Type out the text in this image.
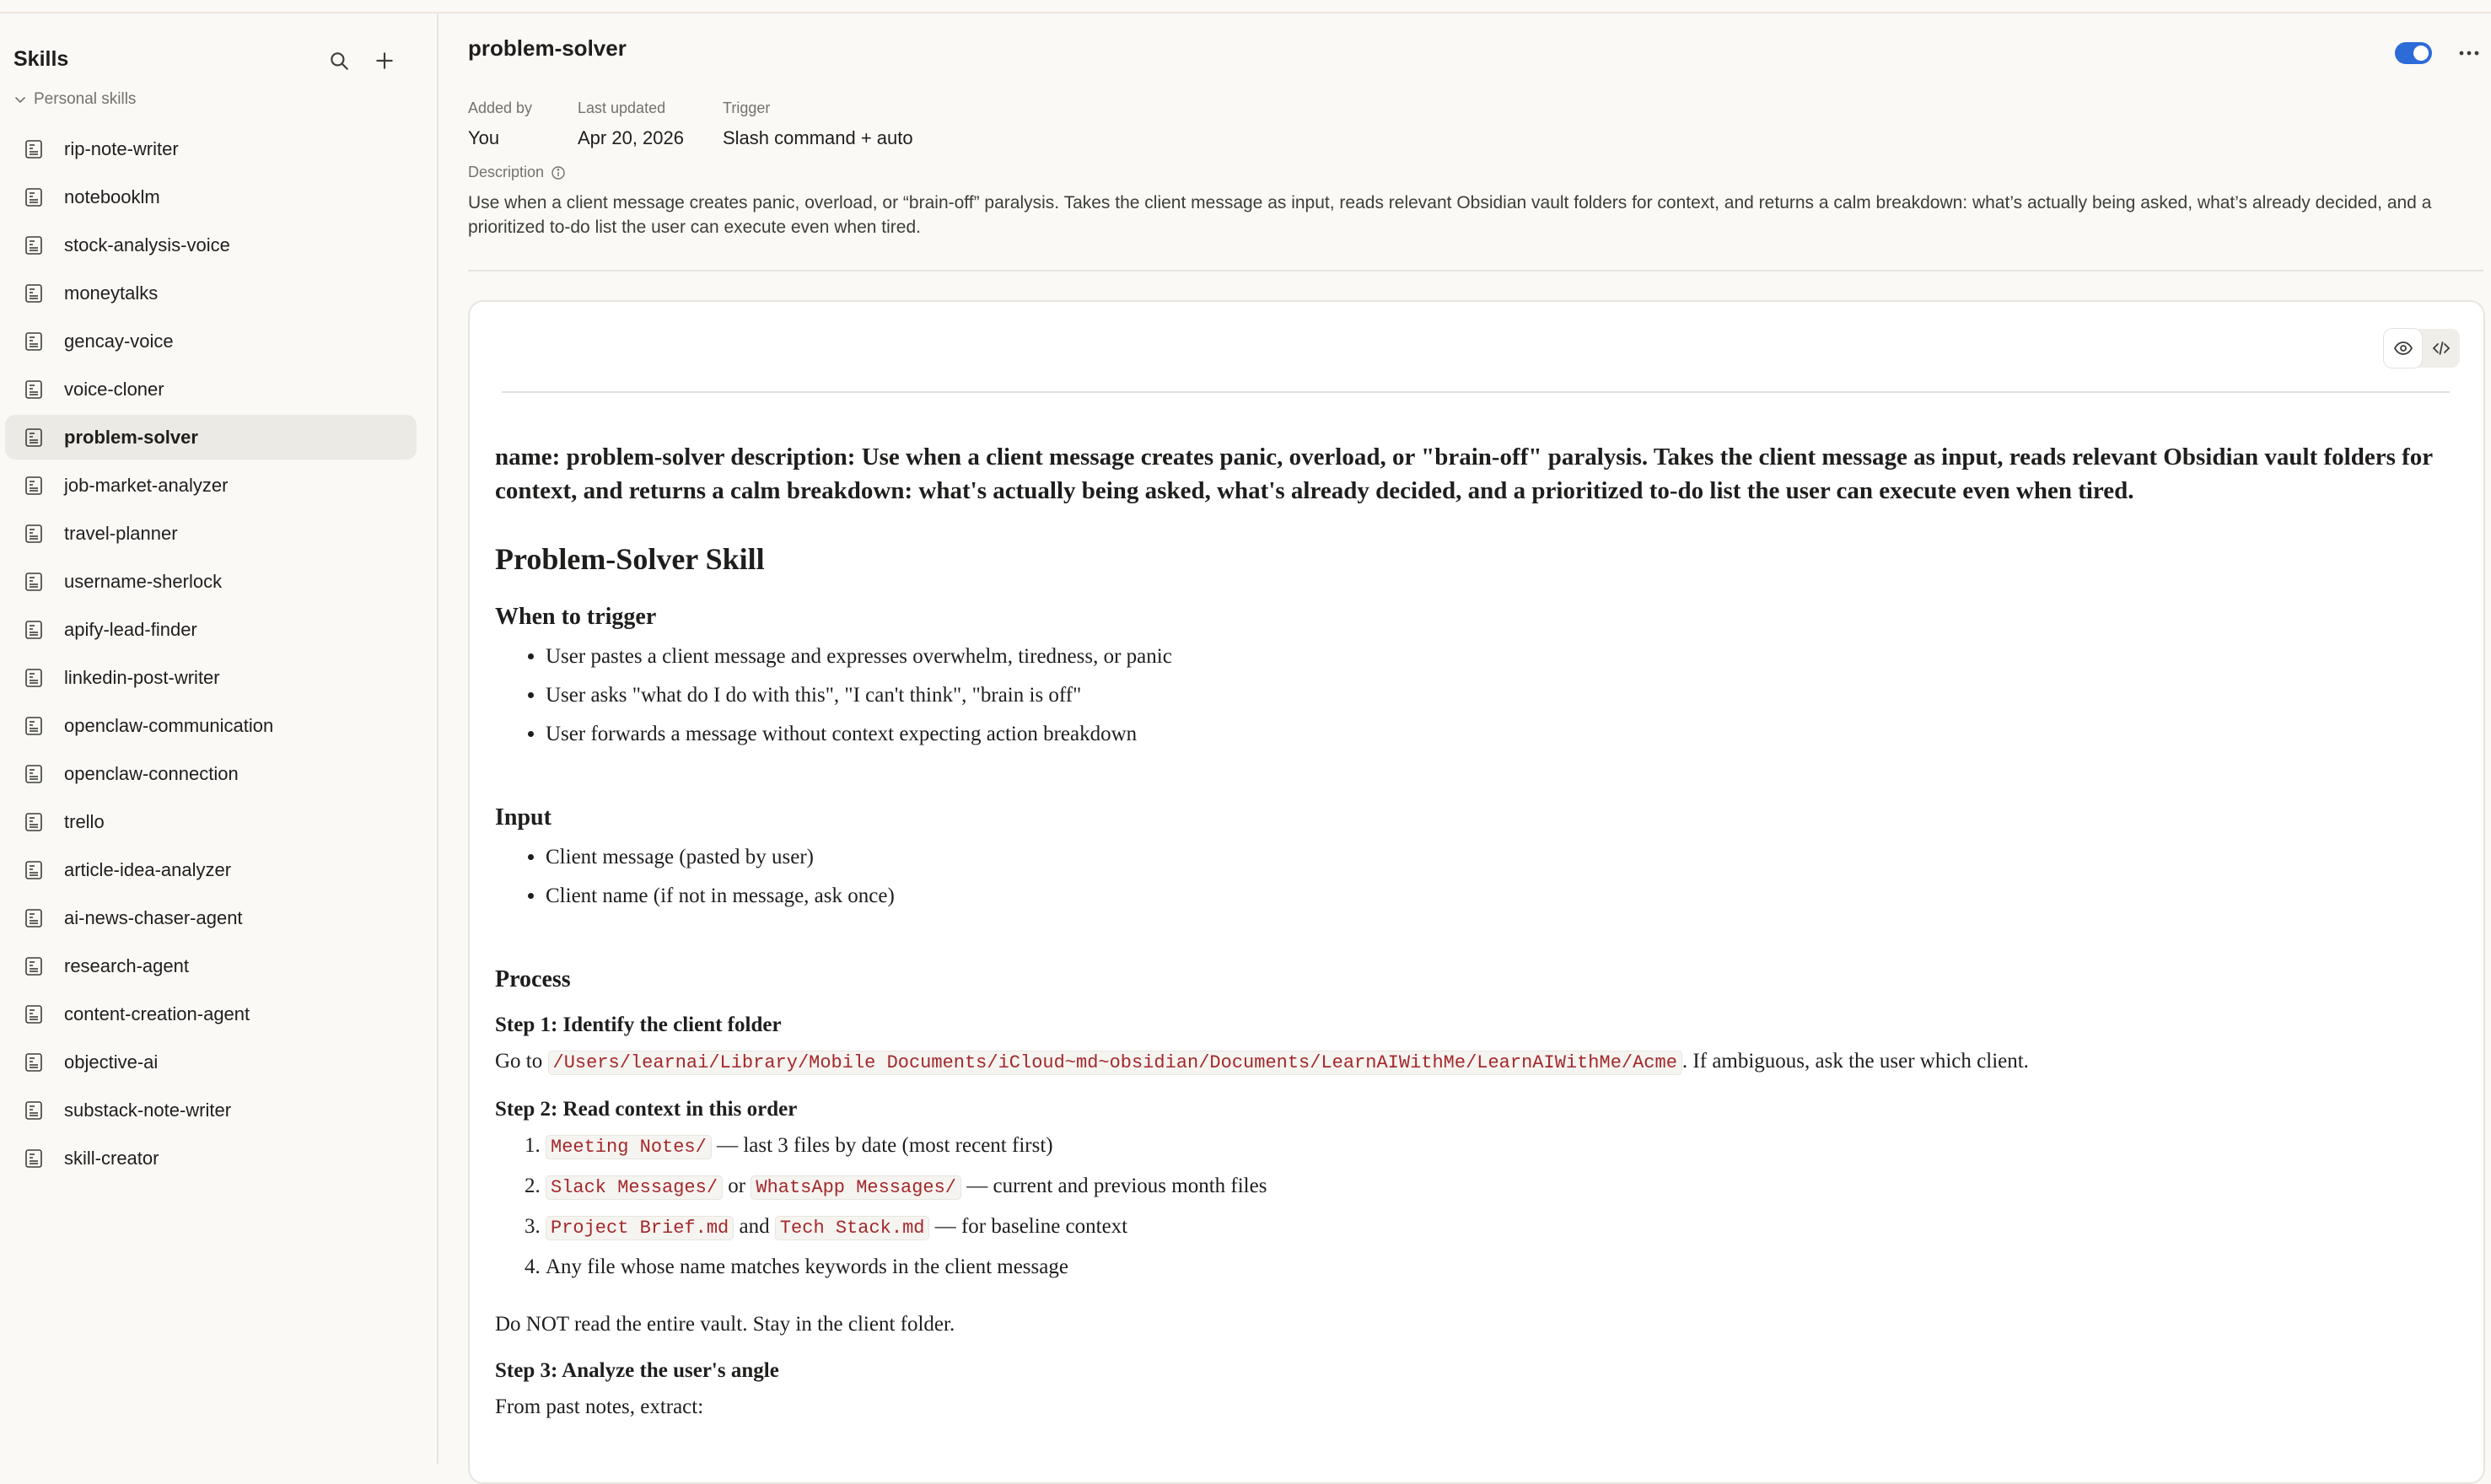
Skills
Personal skills
rip-note-writer
notebooklm
stock-analysis-voice
moneytalks
gencay-voice
voice-cloner
problem-solver
job-market-analyzer
travel-planner
username-sherlock
apify-lead-finder
linkedin-post-writer
openclaw-communication
openclaw-connection
trello
article-idea-analyzer
ai-news-chaser-agent
research-agent
content-creation-agent
objective-ai
substack-note-writer
skill-creator
problem-solver
Added by
You
Last updated
Apr 20, 2026
Trigger
Slash command + auto
Description
Use when a client message creates panic, overload, or “brain-off” paralysis. Takes the client message as input, reads relevant Obsidian vault folders for context, and returns a calm breakdown: what’s actually being asked, what’s already decided, and a prioritized to-do list the user can execute even when tired.

name: problem-solver description: Use when a client message creates panic, overload, or "brain-off" paralysis. Takes the client message as input, reads relevant Obsidian vault folders for context, and returns a calm breakdown: what's actually being asked, what's already decided, and a prioritized to-do list the user can execute even when tired.

Problem-Solver Skill
When to trigger
• User pastes a client message and expresses overwhelm, tiredness, or panic
• User asks "what do I do with this", "I can't think", "brain is off"
• User forwards a message without context expecting action breakdown
Input
• Client message (pasted by user)
• Client name (if not in message, ask once)
Process
Step 1: Identify the client folder

Go to /Users/learnai/Library/Mobile Documents/iCloud~md~obsidian/Documents/LearnAIWithMe/LearnAIWithMe/Acme . If ambiguous, ask the user which client.

Step 2: Read context in this order
1. Meeting Notes/ — last 3 files by date (most recent first)
2. Slack Messages/ or WhatsApp Messages/ — current and previous month files
3. Project Brief.md and Tech Stack.md — for baseline context
4. Any file whose name matches keywords in the client message

Do NOT read the entire vault. Stay in the client folder.

Step 3: Analyze the user's angle

From past notes, extract:
